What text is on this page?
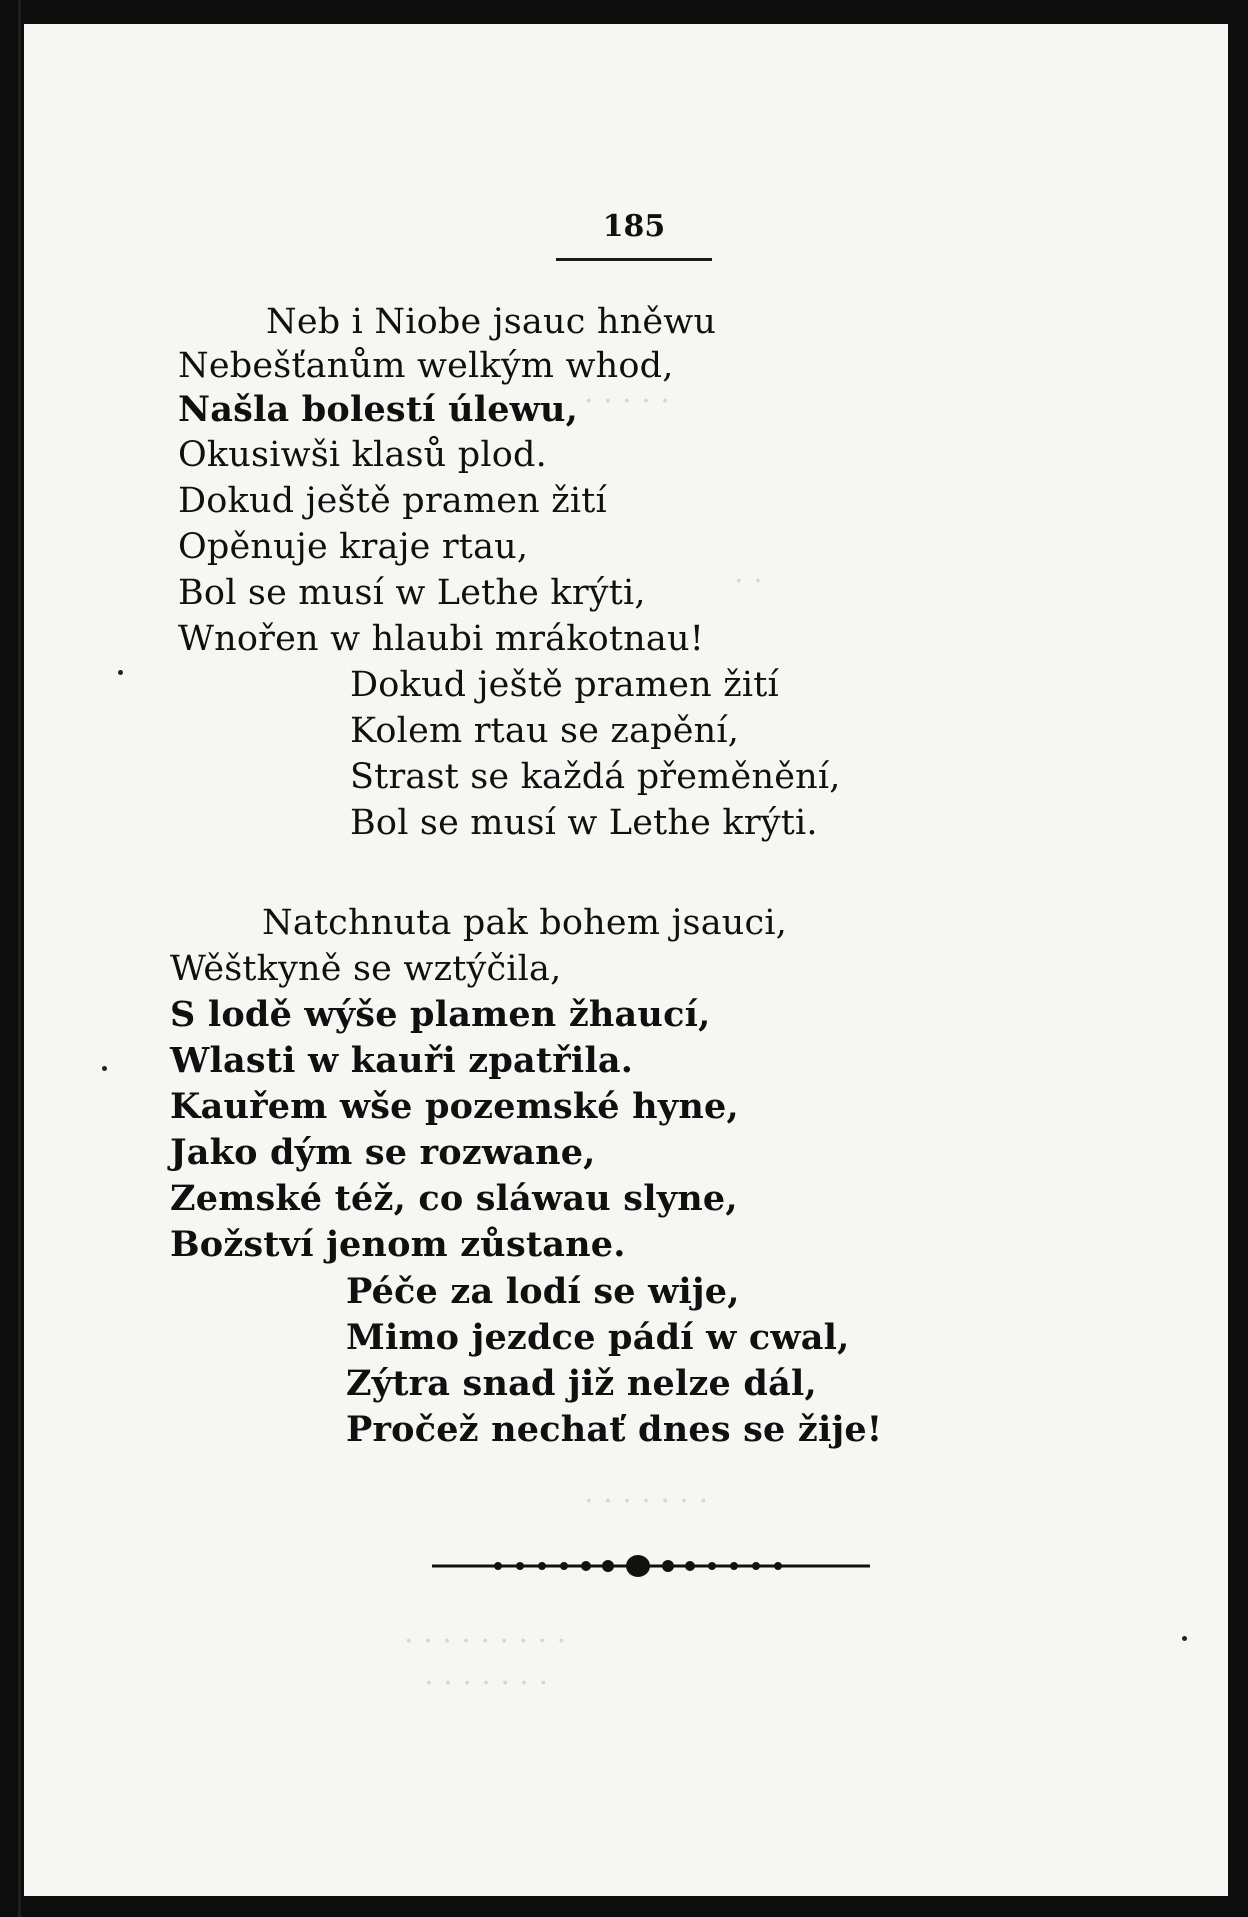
· · · · ·
· ·
· · · · · · ·
· · · · · · · · ·
· · · · · · ·
185
Neb i Niobe jsauc hněwu
Nebešťanům welkým whod,
Našla bolestí úlewu,
Okusiwši klasů plod.
Dokud ještě pramen žití
Opěnuje kraje rtau,
Bol se musí w Lethe krýti,
Wnořen w hlaubi mrákotnau!
Dokud ještě pramen žití
Kolem rtau se zapění,
Strast se každá přeměnění,
Bol se musí w Lethe krýti.
Natchnuta pak bohem jsauci,
Wěštkyně se wztýčila,
S lodě wýše plamen žhaucí,
Wlasti w kauři zpatřila.
Kauřem wše pozemské hyne,
Jako dým se rozwane,
Zemské též, co sláwau slyne,
Božství jenom zůstane.
Péče za lodí se wije,
Mimo jezdce pádí w cwal,
Zýtra snad již nelze dál,
Pročež nechať dnes se žije!
